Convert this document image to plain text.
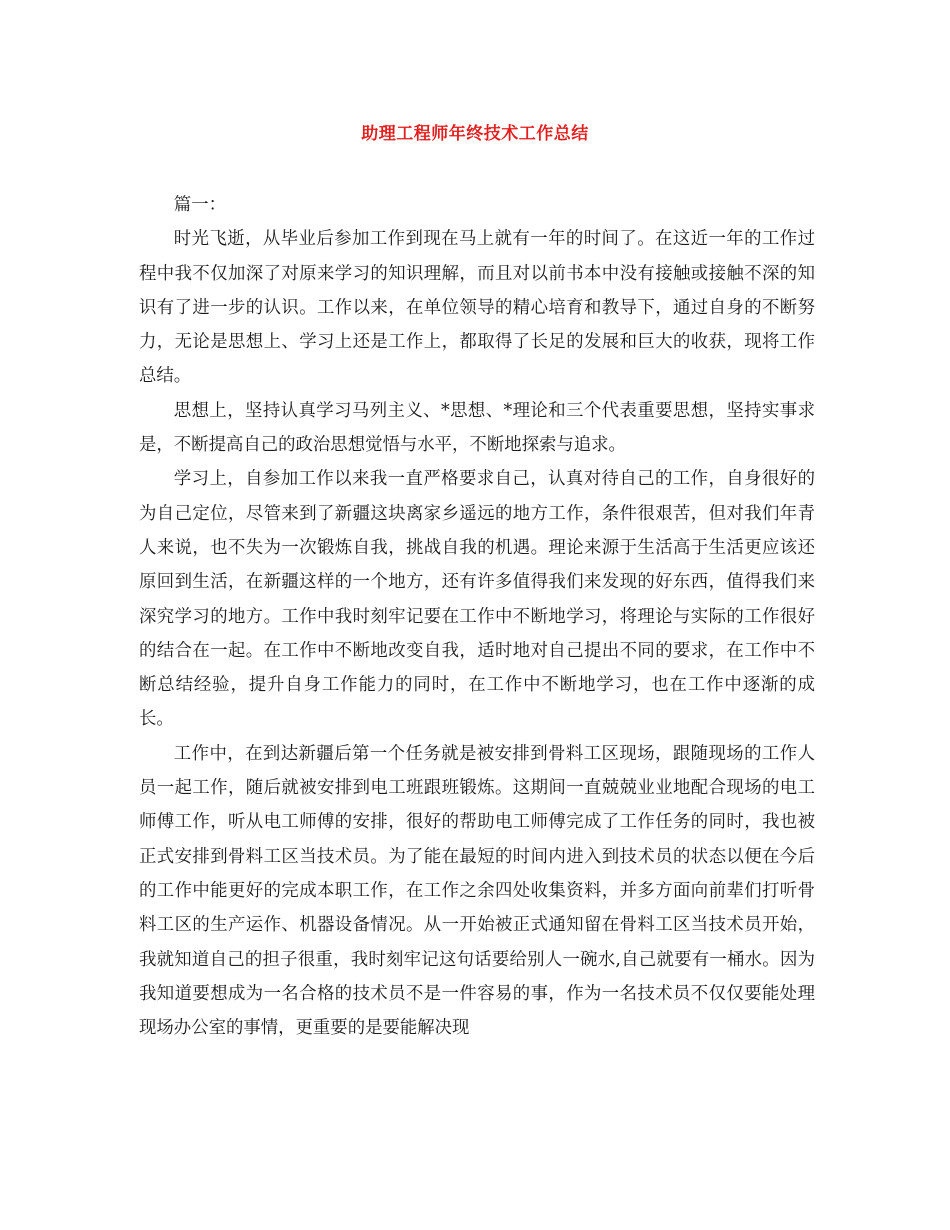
助理工程师年终技术工作总结

篇一：

时光飞逝，从毕业后参加工作到现在马上就有一年的时间了。在这近一年的工作过程中我不仅加深了对原来学习的知识理解，而且对以前书本中没有接触或接触不深的知识有了进一步的认识。工作以来，在单位领导的精心培育和教导下，通过自身的不断努力，无论是思想上、学习上还是工作上，都取得了长足的发展和巨大的收获，现将工作总结。

思想上，坚持认真学习马列主义、*思想、*理论和三个代表重要思想，坚持实事求是，不断提高自己的政治思想觉悟与水平，不断地探索与追求。

学习上，自参加工作以来我一直严格要求自己，认真对待自己的工作，自身很好的为自己定位，尽管来到了新疆这块离家乡遥远的地方工作，条件很艰苦，但对我们年青人来说，也不失为一次锻炼自我，挑战自我的机遇。理论来源于生活高于生活更应该还原回到生活，在新疆这样的一个地方，还有许多值得我们来发现的好东西，值得我们来深究学习的地方。工作中我时刻牢记要在工作中不断地学习，将理论与实际的工作很好的结合在一起。在工作中不断地改变自我，适时地对自己提出不同的要求，在工作中不断总结经验，提升自身工作能力的同时，在工作中不断地学习，也在工作中逐渐的成长。

工作中，在到达新疆后第一个任务就是被安排到骨料工区现场，跟随现场的工作人员一起工作，随后就被安排到电工班跟班锻炼。这期间一直兢兢业业地配合现场的电工师傅工作，听从电工师傅的安排，很好的帮助电工师傅完成了工作任务的同时，我也被正式安排到骨料工区当技术员。为了能在最短的时间内进入到技术员的状态以便在今后的工作中能更好的完成本职工作，在工作之余四处收集资料，并多方面向前辈们打听骨料工区的生产运作、机器设备情况。从一开始被正式通知留在骨料工区当技术员开始，我就知道自己的担子很重，我时刻牢记这句话要给别人一碗水,自己就要有一桶水。因为我知道要想成为一名合格的技术员不是一件容易的事，作为一名技术员不仅仅要能处理现场办公室的事情，更重要的是要能解决现
